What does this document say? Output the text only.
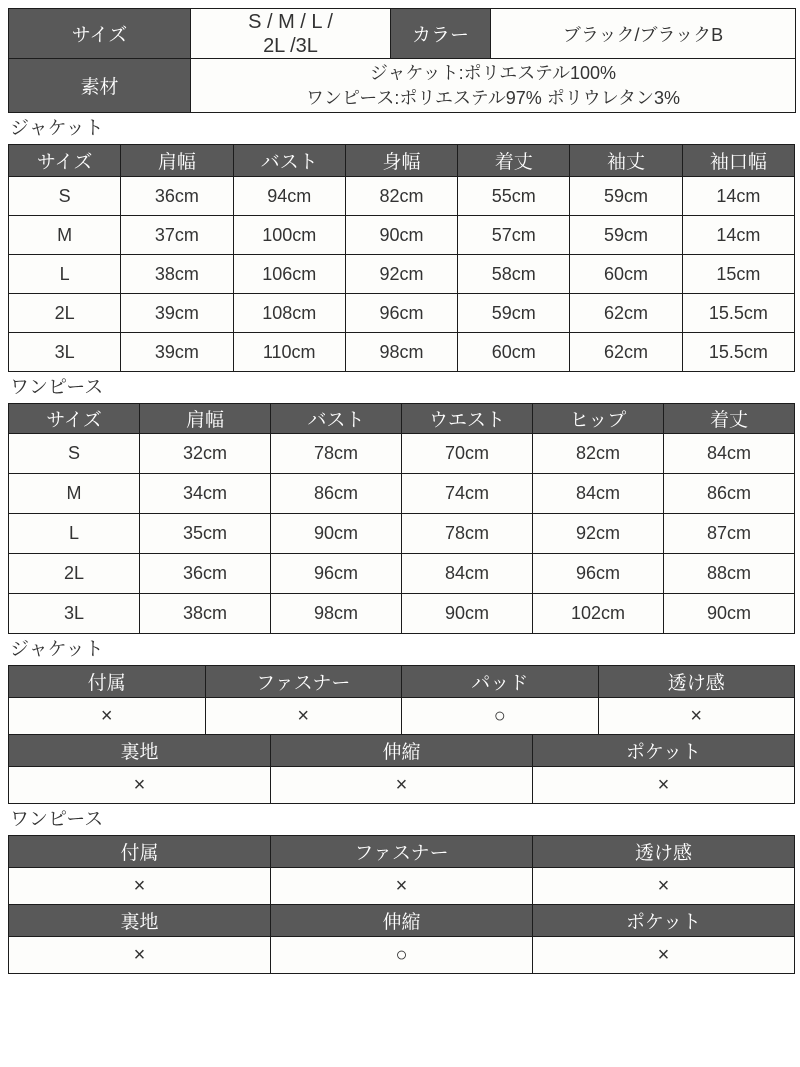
サイズ	S / M / L /
2L /3L	カラー	ブラック/ブラックB
素材	ジャケット:ポリエステル100%
ワンピース:ポリエステル97% ポリウレタン3%		
ジャケット
サイズ	肩幅	バスト	身幅	着丈	袖丈	袖口幅
S	36cm	94cm	82cm	55cm	59cm	14cm
M	37cm	100cm	90cm	57cm	59cm	14cm
L	38cm	106cm	92cm	58cm	60cm	15cm
2L	39cm	108cm	96cm	59cm	62cm	15.5cm
3L	39cm	110cm	98cm	60cm	62cm	15.5cm
ワンピース
サイズ	肩幅	バスト	ウエスト	ヒップ	着丈
S	32cm	78cm	70cm	82cm	84cm
M	34cm	86cm	74cm	84cm	86cm
L	35cm	90cm	78cm	92cm	87cm
2L	36cm	96cm	84cm	96cm	88cm
3L	38cm	98cm	90cm	102cm	90cm
ジャケット
付属	ファスナー		パッド		透け感
×	×		○		×
裏地		伸縮		ポケット	
×		×		×	
ワンピース
付属	ファスナー	透け感
×	×	×
裏地	伸縮	ポケット
×	○	×
